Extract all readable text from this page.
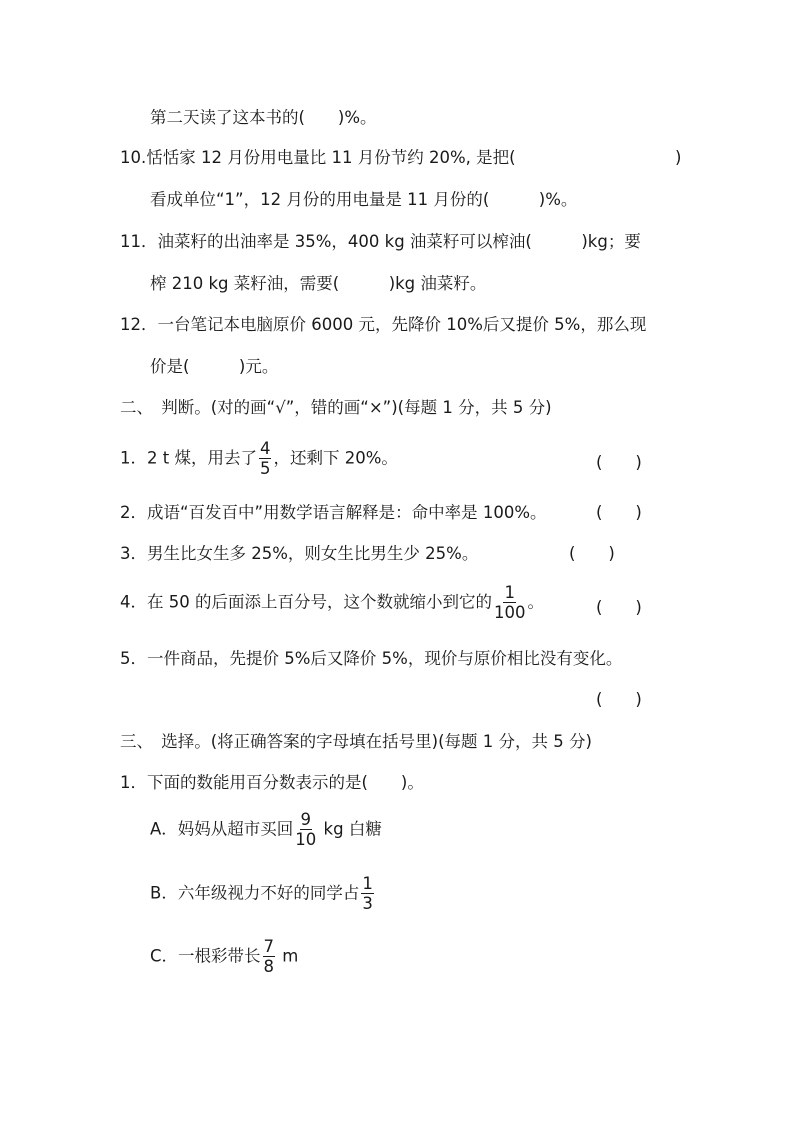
第二天读了这本书的(　　)%。
10.恬恬家 12 月份用电量比 11 月份节约 20%, 是把(	)
看成单位“1”，12 月份的用电量是 11 月份的(　　　)%。
11．油菜籽的出油率是 35%，400 kg 油菜籽可以榨油(　　　)kg；要
榨 210 kg 菜籽油，需要(　　　)kg 油菜籽。
12．一台笔记本电脑原价 6000 元，先降价 10%后又提价 5%，那么现
价是(　　　)元。
二、　判断。(对的画“√”，错的画“×”)(每题 1 分，共 5 分)
1．2 t 煤，用去了 $\frac{4}{5}$ ，还剩下 20%。	(　　)
2．成语“百发百中”用数学语言解释是：命中率是 100%。	(　　)
3．男生比女生多 25%，则女生比男生少 25%。	(　　)
4．在 50 的后面添上百分号，这个数就缩小到它的 $\frac{1}{100}$ 。	(　　)
5．一件商品，先提价 5%后又降价 5%，现价与原价相比没有变化。
(　　)
三、　选择。(将正确答案的字母填在括号里)(每题 1 分，共 5 分)
1．下面的数能用百分数表示的是(　　)。
A．妈妈从超市买回 $\frac{9}{10}$ kg 白糖
B．六年级视力不好的同学占 $\frac{1}{3}$
C．一根彩带长 $\frac{7}{8}$ m
